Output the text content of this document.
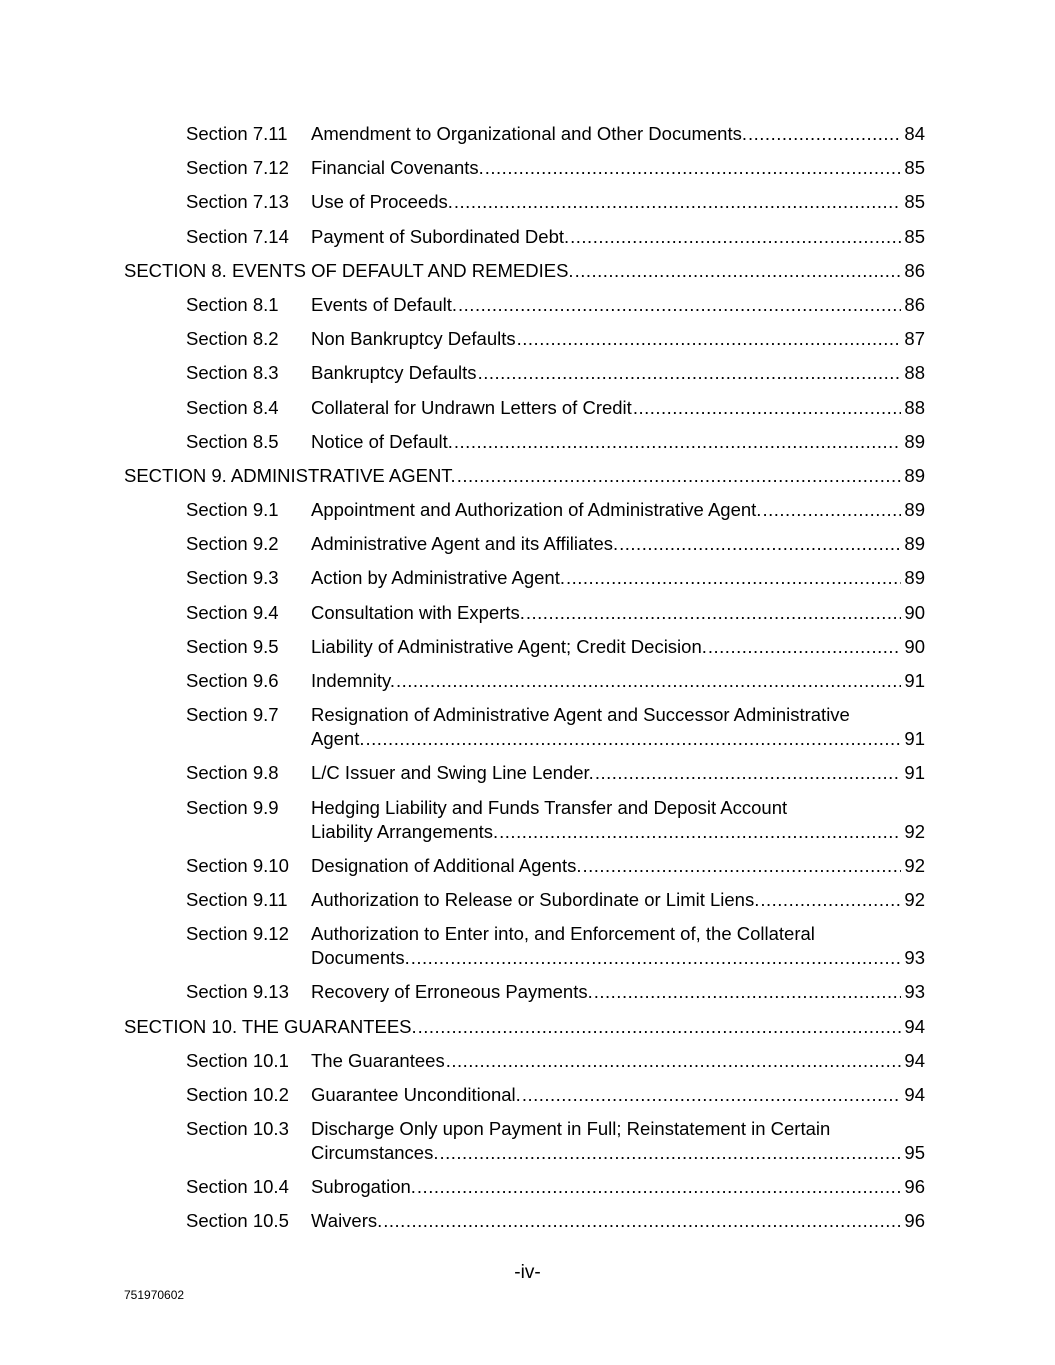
Section 7.11 Amendment to Organizational and Other Documents. .....	84
Section 7.12 Financial Covenants. .....	85
Section 7.13 Use of Proceeds. .....	85
Section 7.14 Payment of Subordinated Debt. .....	85
SECTION 8. EVENTS OF DEFAULT AND REMEDIES. .....	86
Section 8.1 Events of Default. .....	86
Section 8.2 Non Bankruptcy Defaults .....	87
Section 8.3 Bankruptcy Defaults .....	88
Section 8.4 Collateral for Undrawn Letters of Credit .....	88
Section 8.5 Notice of Default. .....	89
SECTION 9. ADMINISTRATIVE AGENT. .....	89
Section 9.1 Appointment and Authorization of Administrative Agent. .....	89
Section 9.2 Administrative Agent and its Affiliates. .....	89
Section 9.3 Action by Administrative Agent. .....	89
Section 9.4 Consultation with Experts. .....	90
Section 9.5 Liability of Administrative Agent; Credit Decision. .....	90
Section 9.6 Indemnity. .....	91
Section 9.7 Resignation of Administrative Agent and Successor Administrative
Agent. .....	91
Section 9.8 L/C Issuer and Swing Line Lender. .....	91
Section 9.9 Hedging Liability and Funds Transfer and Deposit Account
Liability Arrangements. .....	92
Section 9.10 Designation of Additional Agents. .....	92
Section 9.11 Authorization to Release or Subordinate or Limit Liens. .....	92
Section 9.12 Authorization to Enter into, and Enforcement of, the Collateral
Documents. .....	93
Section 9.13 Recovery of Erroneous Payments. .....	93
SECTION 10. THE GUARANTEES. .....	94
Section 10.1 The Guarantees .....	94
Section 10.2 Guarantee Unconditional. .....	94
Section 10.3 Discharge Only upon Payment in Full; Reinstatement in Certain
Circumstances. .....	95
Section 10.4 Subrogation. .....	96
Section 10.5 Waivers. .....	96
-iv-
751970602
